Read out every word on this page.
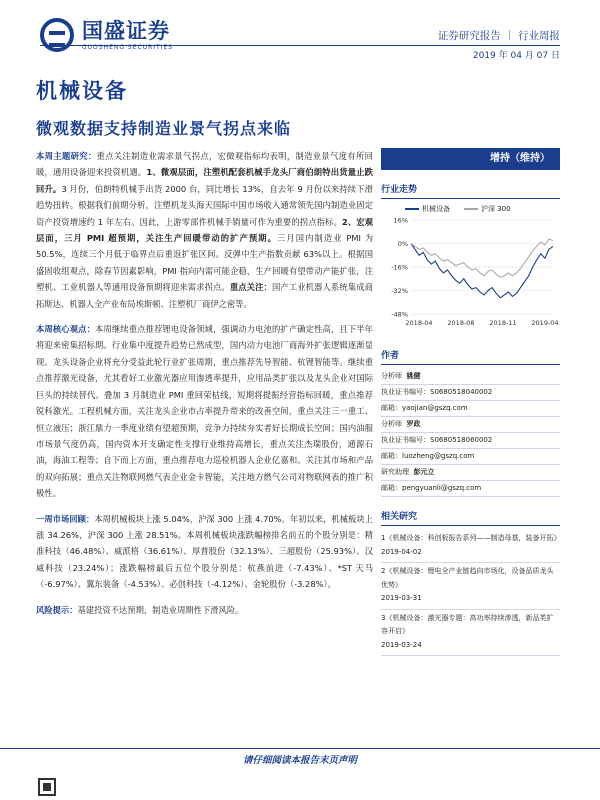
国盛证券
GUOSHENG SECURITIES
证券研究报告 ｜ 行业周报
2019 年 04 月 07 日
机械设备
微观数据支持制造业景气拐点来临

本周主题研究：重点关注制造业需求景气拐点，宏微观指标均表明，制造业景气度有所回暖，通用设备迎来投资机遇。1、微观层面，注塑机配套机械手龙头厂商伯朗特出货量止跌回升。3 月份，伯朗特机械手出货 2000 台，同比增长 13%，自去年 9 月份以来持续下滑趋势扭转。根据我们前期分析，注塑机龙头海天国际中国市场收入通常领先国内制造业固定资产投资增速约 1 年左右。因此，上游零部件机械手销量可作为重要的拐点指标。2、宏观层面，三月 PMI 超预期，关注生产回暖带动的扩产预期。三月国内制造业 PMI 为 50.5%，连续三个月低于临界点后重返扩张区间。反弹中生产指数贡献 63%以上。根据国盛固收组观点，除春节因素影响，PMI 指向内需可能企稳，生产回暖有望带动产能扩张，注塑机、工业机器人等通用设备预期将迎来需求拐点。重点关注：国产工业机器人系统集成商拓斯达、机器人全产业布局埃斯顿、注塑机厂商伊之密等。

本周核心观点：本周继续重点推荐锂电设备领域，强调动力电池的扩产确定性高，且下半年将迎来密集招标期。行业集中度提升趋势已然成型，国内动力电池厂商海外扩张逻辑逐渐显现。龙头设备企业将充分受益此轮行业扩张周期，重点推荐先导智能、杭锂智能等。继续重点推荐激光设备，尤其看好工业激光器应用渗透率提升，应用品类扩张以及龙头企业对国际巨头的持续替代。叠加 3 月制造业 PMI 重回荣枯线，短期将提振经营指标回暖，重点推荐锐科激光。工程机械方面，关注龙头企业市占率提升带来的改善空间，重点关注三一重工、恒立液压；浙江鼎力一季度业绩有望超预期，竞争力持续夯实者好长期成长空间；国内油服市场景气度仍高，国内资本开支确定性支撑行业维持高增长，重点关注杰瑞股份，通源石油，海油工程等；自下而上方面，重点推荐电力巡检机器人企业亿嘉和。关注其市场和产品的双向拓展；重点关注物联网燃气表企业金卡智能，关注地方燃气公司对物联网表的推广积极性。

一周市场回顾：本周机械板块上涨 5.04%，沪深 300 上涨 4.70%。年初以来，机械板块上涨 34.26%，沪深 300 上涨 28.51%。本周机械板块涨跌幅榜排名前五的个股分别是：精准科技（46.48%）、威派格（36.61%）、厚普股份（32.13%）、三超股份（25.93%）、汉威科技（23.24%）；涨跌幅榜最后五位个股分别是：杭燕前进（-7.43%）、*ST 天马（-6.97%）、翼东装备（-4.53%）、必创科技（-4.12%）、金轮股份（-3.28%）。

风险提示：基建投资不达预期，制造业周期性下滑风险。

增持（维持）
行业走势
机械设备	沪深 300
16%
0%
-16%
-32%
-48%
2018-04 2018-08 2018-11 2019-04
作者
分析师 姚健
执业证书编号：S0680518040002
邮箱：yaojian@gszq.com
分析师 罗政
执业证书编号：S0680518060002
邮箱：luozheng@gszq.com
研究助理 彭元立
邮箱：pengyuanli@gszq.com
相关研究
1《机械设备：科创板报告系列——制造母基，装备开拓》
2019-04-02
2《机械设备：锂电全产业链趋向市场化，设备品质龙头优势》
2019-03-31
3《机械设备：激光器专题：高功率持续渗透，新品类扩容开启》
2019-03-24
请仔细阅读本报告末页声明
